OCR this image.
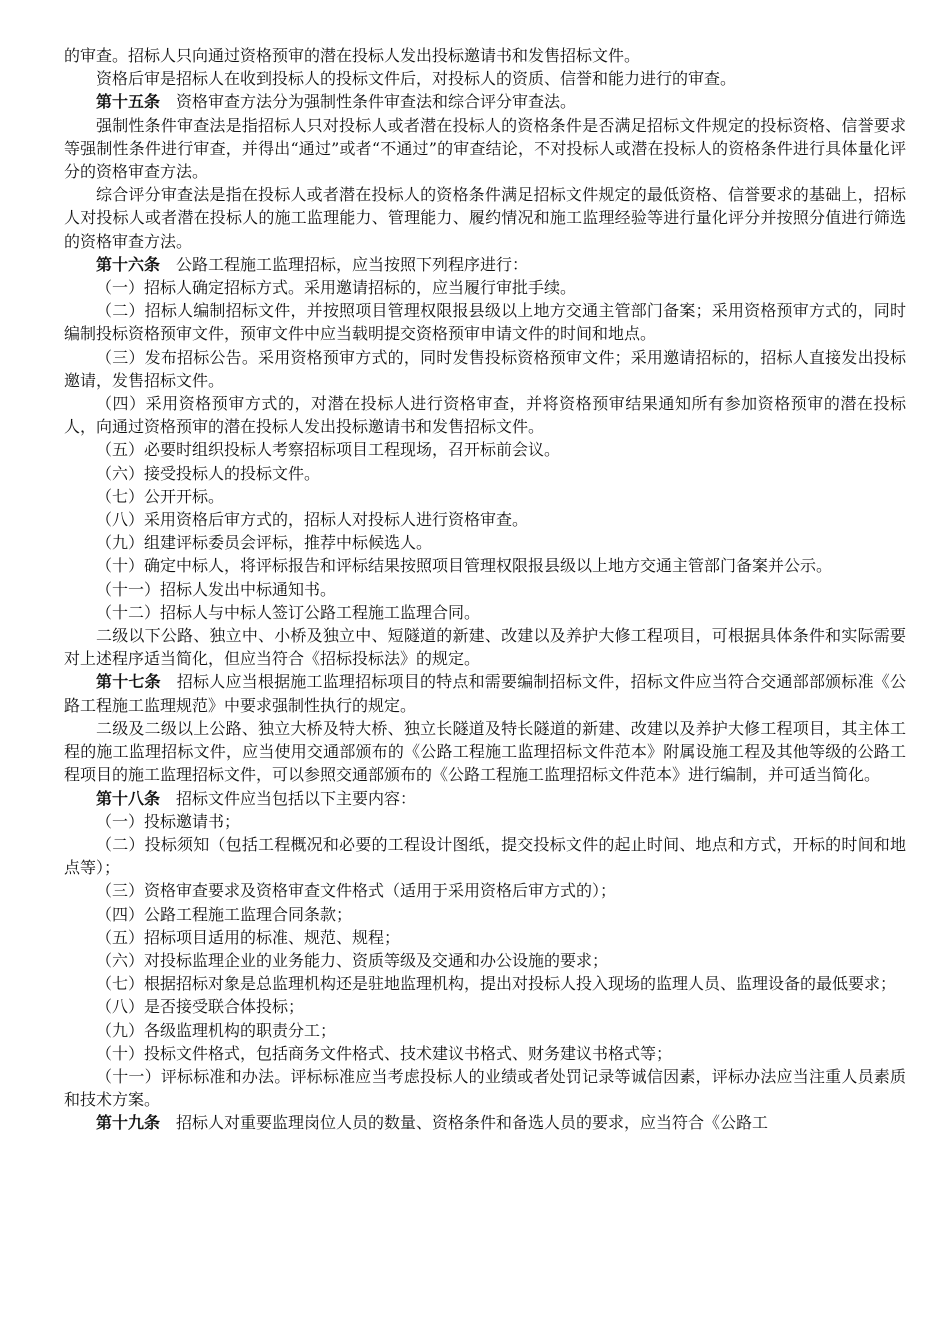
的审查。招标人只向通过资格预审的潜在投标人发出投标邀请书和发售招标文件。

资格后审是招标人在收到投标人的投标文件后，对投标人的资质、信誉和能力进行的审查。

第十五条 资格审查方法分为强制性条件审查法和综合评分审查法。

强制性条件审查法是指招标人只对投标人或者潜在投标人的资格条件是否满足招标文件规定的投标资格、信誉要求等强制性条件进行审查，并得出“通过”或者“不通过”的审查结论，不对投标人或潜在投标人的资格条件进行具体量化评分的资格审查方法。

综合评分审查法是指在投标人或者潜在投标人的资格条件满足招标文件规定的最低资格、信誉要求的基础上，招标人对投标人或者潜在投标人的施工监理能力、管理能力、履约情况和施工监理经验等进行量化评分并按照分值进行筛选的资格审查方法。

第十六条 公路工程施工监理招标，应当按照下列程序进行：

（一）招标人确定招标方式。采用邀请招标的，应当履行审批手续。

（二）招标人编制招标文件，并按照项目管理权限报县级以上地方交通主管部门备案；采用资格预审方式的，同时编制投标资格预审文件，预审文件中应当载明提交资格预审申请文件的时间和地点。

（三）发布招标公告。采用资格预审方式的，同时发售投标资格预审文件；采用邀请招标的，招标人直接发出投标邀请，发售招标文件。

（四）采用资格预审方式的，对潜在投标人进行资格审查，并将资格预审结果通知所有参加资格预审的潜在投标人，向通过资格预审的潜在投标人发出投标邀请书和发售招标文件。

（五）必要时组织投标人考察招标项目工程现场，召开标前会议。

（六）接受投标人的投标文件。

（七）公开开标。

（八）采用资格后审方式的，招标人对投标人进行资格审查。

（九）组建评标委员会评标，推荐中标候选人。

（十）确定中标人，将评标报告和评标结果按照项目管理权限报县级以上地方交通主管部门备案并公示。

（十一）招标人发出中标通知书。

（十二）招标人与中标人签订公路工程施工监理合同。

二级以下公路、独立中、小桥及独立中、短隧道的新建、改建以及养护大修工程项目，可根据具体条件和实际需要对上述程序适当简化，但应当符合《招标投标法》的规定。

第十七条 招标人应当根据施工监理招标项目的特点和需要编制招标文件，招标文件应当符合交通部部颁标准《公路工程施工监理规范》中要求强制性执行的规定。

二级及二级以上公路、独立大桥及特大桥、独立长隧道及特长隧道的新建、改建以及养护大修工程项目，其主体工程的施工监理招标文件，应当使用交通部颁布的《公路工程施工监理招标文件范本》附属设施工程及其他等级的公路工程项目的施工监理招标文件，可以参照交通部颁布的《公路工程施工监理招标文件范本》进行编制，并可适当简化。

第十八条 招标文件应当包括以下主要内容：

（一）投标邀请书；

（二）投标须知（包括工程概况和必要的工程设计图纸，提交投标文件的起止时间、地点和方式，开标的时间和地点等）；

（三）资格审查要求及资格审查文件格式（适用于采用资格后审方式的）；

（四）公路工程施工监理合同条款；

（五）招标项目适用的标准、规范、规程；

（六）对投标监理企业的业务能力、资质等级及交通和办公设施的要求；

（七）根据招标对象是总监理机构还是驻地监理机构，提出对投标人投入现场的监理人员、监理设备的最低要求；

（八）是否接受联合体投标；

（九）各级监理机构的职责分工；

（十）投标文件格式，包括商务文件格式、技术建议书格式、财务建议书格式等；

（十一）评标标准和办法。评标标准应当考虑投标人的业绩或者处罚记录等诚信因素，评标办法应当注重人员素质和技术方案。

第十九条 招标人对重要监理岗位人员的数量、资格条件和备选人员的要求，应当符合《公路工
